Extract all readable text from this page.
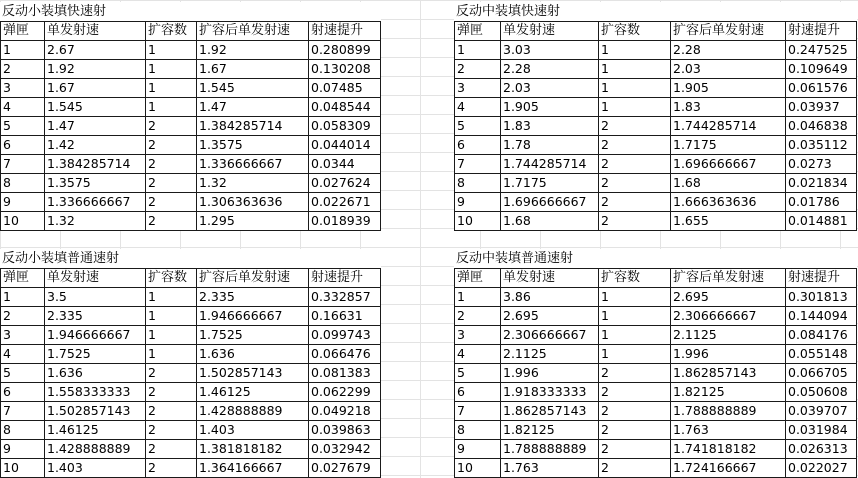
反动小装填快速射
弹匣	单发射速	扩容数	扩容后单发射速	射速提升
1	2.67	1	1.92	0.280899
2	1.92	1	1.67	0.130208
3	1.67	1	1.545	0.07485
4	1.545	1	1.47	0.048544
5	1.47	2	1.384285714	0.058309
6	1.42	2	1.3575	0.044014
7	1.384285714	2	1.336666667	0.0344
8	1.3575	2	1.32	0.027624
9	1.336666667	2	1.306363636	0.022671
10	1.32	2	1.295	0.018939
反动中装填快速射
弹匣	单发射速	扩容数	扩容后单发射速	射速提升
1	3.03	1	2.28	0.247525
2	2.28	1	2.03	0.109649
3	2.03	1	1.905	0.061576
4	1.905	1	1.83	0.03937
5	1.83	2	1.744285714	0.046838
6	1.78	2	1.7175	0.035112
7	1.744285714	2	1.696666667	0.0273
8	1.7175	2	1.68	0.021834
9	1.696666667	2	1.666363636	0.01786
10	1.68	2	1.655	0.014881
反动小装填普通速射
弹匣	单发射速	扩容数	扩容后单发射速	射速提升
1	3.5	1	2.335	0.332857
2	2.335	1	1.946666667	0.16631
3	1.946666667	1	1.7525	0.099743
4	1.7525	1	1.636	0.066476
5	1.636	2	1.502857143	0.081383
6	1.558333333	2	1.46125	0.062299
7	1.502857143	2	1.428888889	0.049218
8	1.46125	2	1.403	0.039863
9	1.428888889	2	1.381818182	0.032942
10	1.403	2	1.364166667	0.027679
反动中装填普通速射
弹匣	单发射速	扩容数	扩容后单发射速	射速提升
1	3.86	1	2.695	0.301813
2	2.695	1	2.306666667	0.144094
3	2.306666667	1	2.1125	0.084176
4	2.1125	1	1.996	0.055148
5	1.996	2	1.862857143	0.066705
6	1.918333333	2	1.82125	0.050608
7	1.862857143	2	1.788888889	0.039707
8	1.82125	2	1.763	0.031984
9	1.788888889	2	1.741818182	0.026313
10	1.763	2	1.724166667	0.022027
